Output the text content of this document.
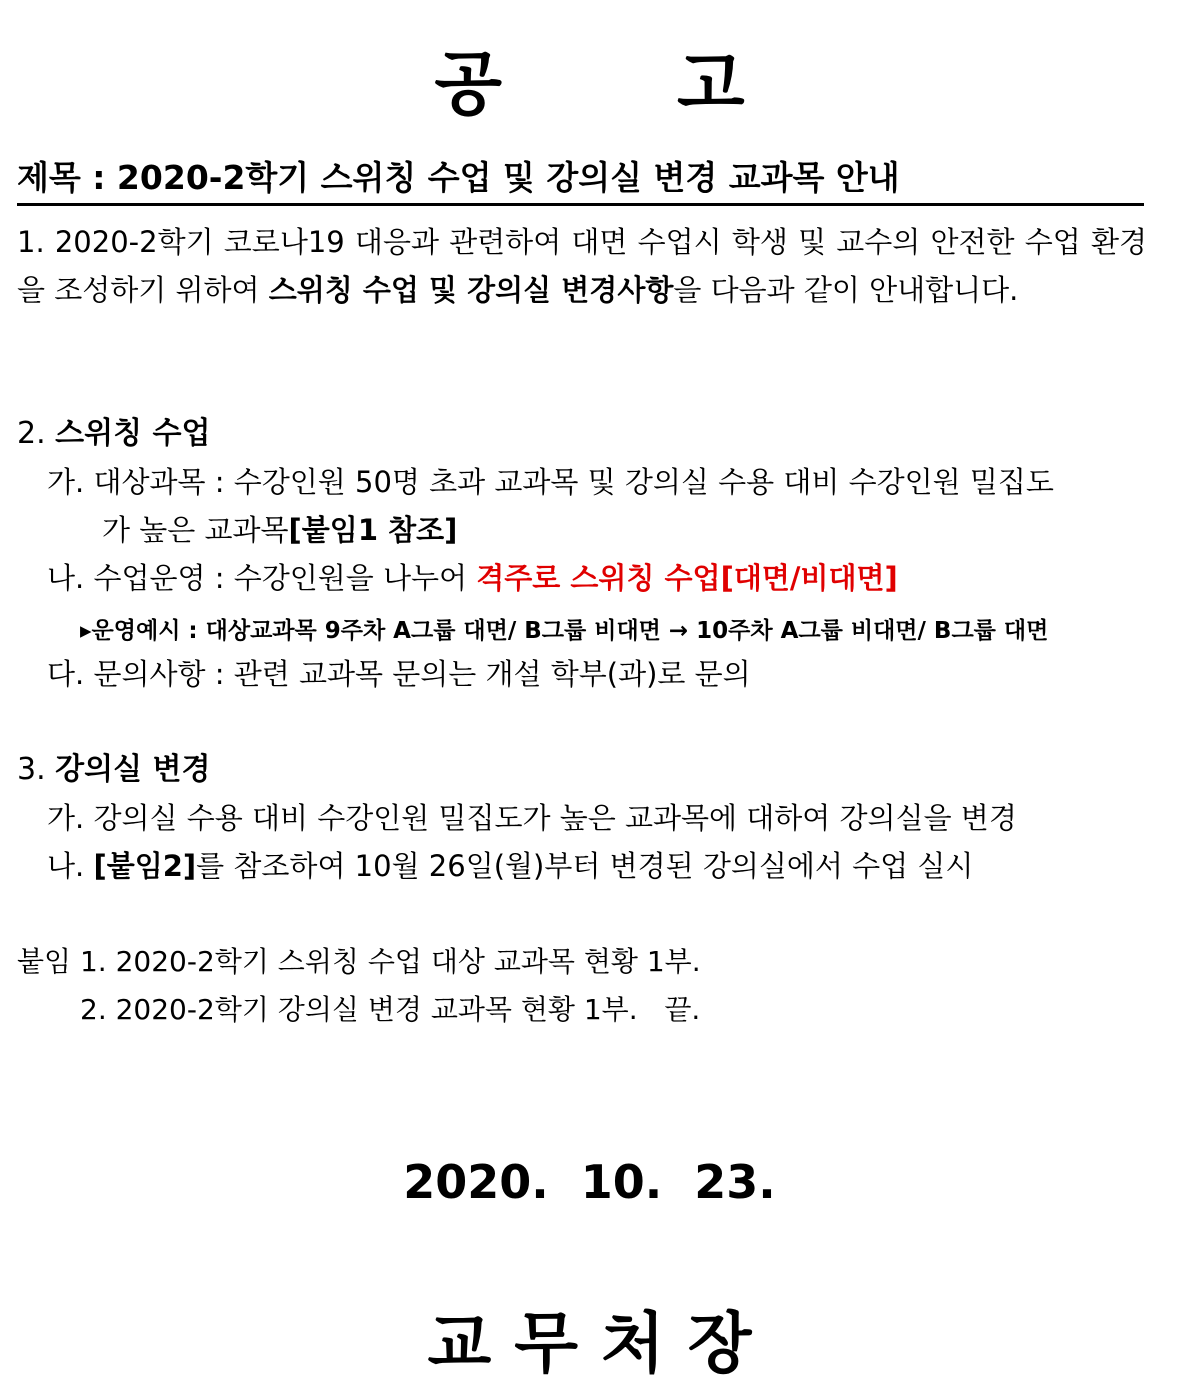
공	고
제목 : 2020-2학기 스위칭 수업 및 강의실 변경 교과목 안내
1. 2020-2학기 코로나19 대응과 관련하여 대면 수업시 학생 및 교수의 안전한 수업 환경을 조성하기 위하여 스위칭 수업 및 강의실 변경사항을 다음과 같이 안내합니다.
2. 스위칭 수업
가. 대상과목 : 수강인원 50명 초과 교과목 및 강의실 수용 대비 수강인원 밀집도
가 높은 교과목[붙임1 참조]
나. 수업운영 : 수강인원을 나누어 격주로 스위칭 수업[대면/비대면]
▸운영예시 : 대상교과목 9주차 A그룹 대면/ B그룹 비대면 → 10주차 A그룹 비대면/ B그룹 대면
다. 문의사항 : 관련 교과목 문의는 개설 학부(과)로 문의
3. 강의실 변경
가. 강의실 수용 대비 수강인원 밀집도가 높은 교과목에 대하여 강의실을 변경
나. [붙임2]를 참조하여 10월 26일(월)부터 변경된 강의실에서 수업 실시
붙임 1. 2020-2학기 스위칭 수업 대상 교과목 현황 1부.
2. 2020-2학기 강의실 변경 교과목 현황 1부.   끝.
2020.  10.  23.
교 무 처 장
